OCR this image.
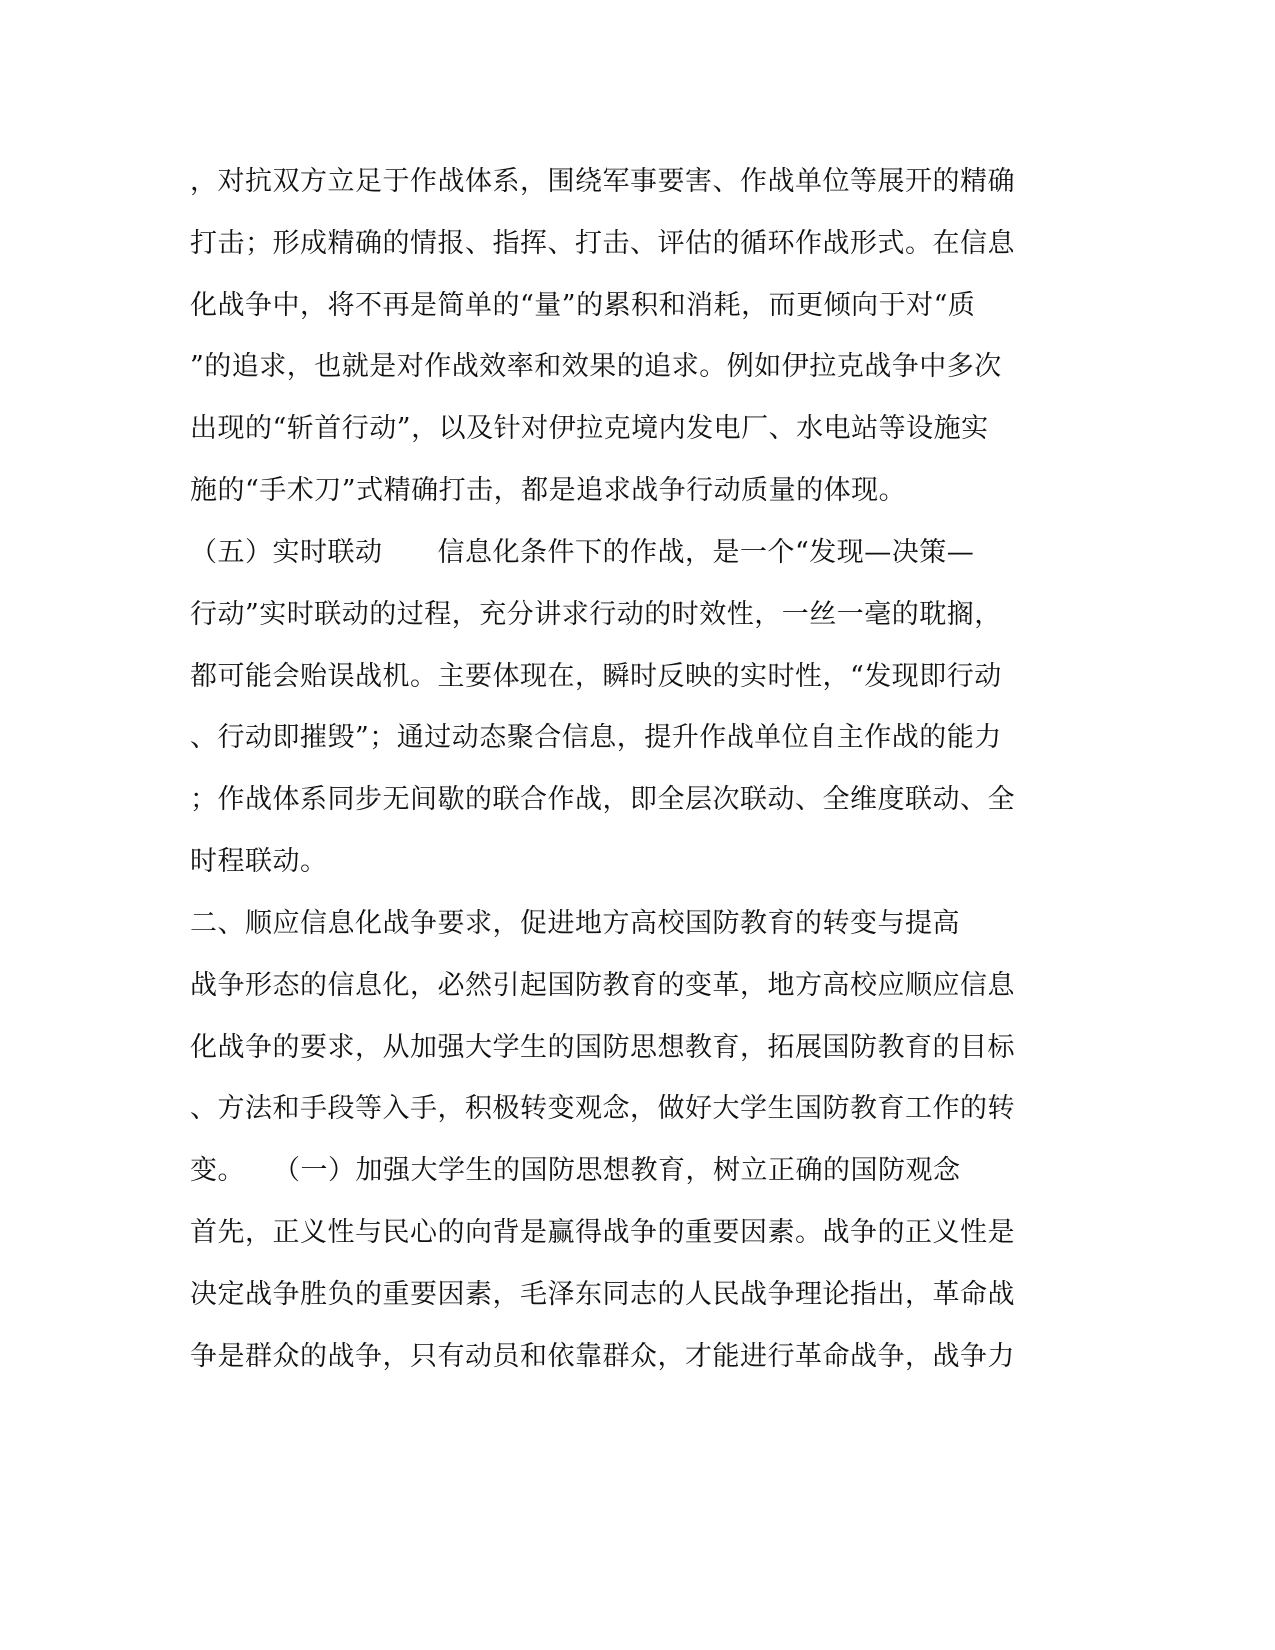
，对抗双方立足于作战体系，围绕军事要害、作战单位等展开的精确
打击；形成精确的情报、指挥、打击、评估的循环作战形式。在信息
化战争中，将不再是简单的“量”的累积和消耗，而更倾向于对“质
”的追求，也就是对作战效率和效果的追求。例如伊拉克战争中多次
出现的“斩首行动”，以及针对伊拉克境内发电厂、水电站等设施实
施的“手术刀”式精确打击，都是追求战争行动质量的体现。
（五）实时联动　　信息化条件下的作战，是一个“发现—决策—
行动”实时联动的过程，充分讲求行动的时效性，一丝一毫的耽搁，
都可能会贻误战机。主要体现在，瞬时反映的实时性，“发现即行动
、行动即摧毁”；通过动态聚合信息，提升作战单位自主作战的能力
；作战体系同步无间歇的联合作战，即全层次联动、全维度联动、全
时程联动。
二、顺应信息化战争要求，促进地方高校国防教育的转变与提高
战争形态的信息化，必然引起国防教育的变革，地方高校应顺应信息
化战争的要求，从加强大学生的国防思想教育，拓展国防教育的目标
、方法和手段等入手，积极转变观念，做好大学生国防教育工作的转
变。　　（一）加强大学生的国防思想教育，树立正确的国防观念
首先，正义性与民心的向背是赢得战争的重要因素。战争的正义性是
决定战争胜负的重要因素，毛泽东同志的人民战争理论指出，革命战
争是群众的战争，只有动员和依靠群众，才能进行革命战争，战争力
